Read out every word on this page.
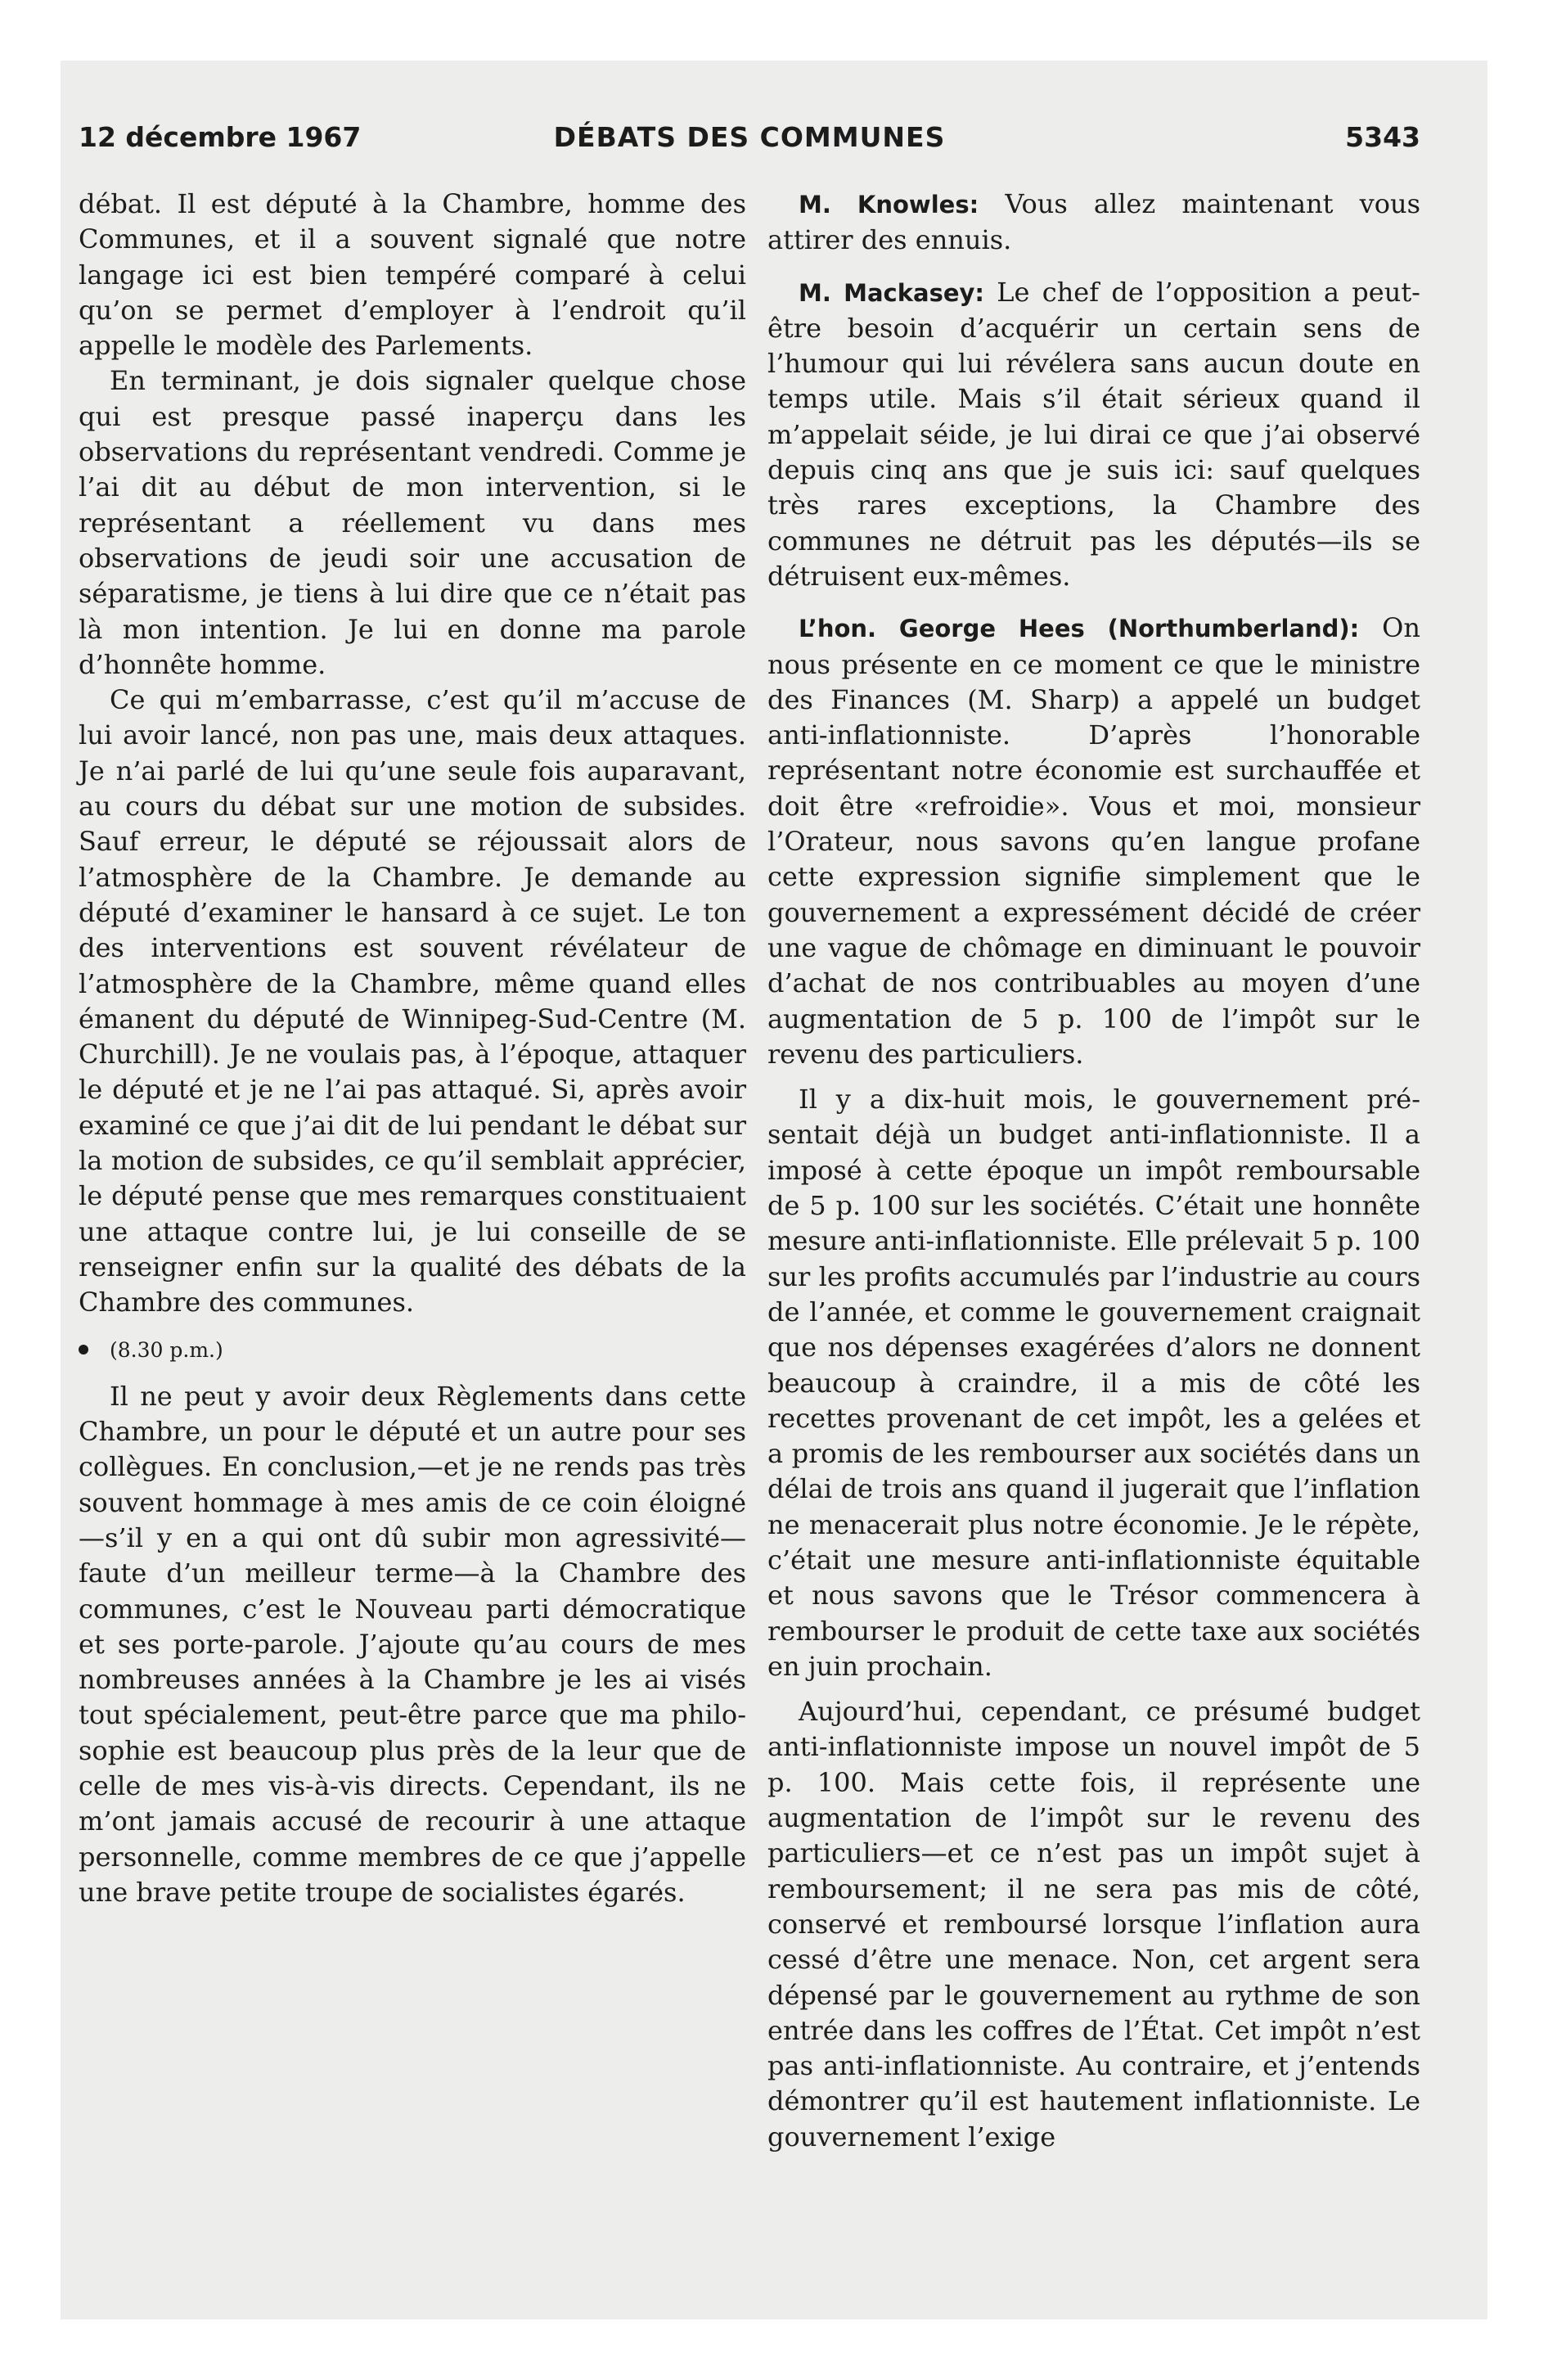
12 décembre 1967	DÉBATS DES COMMUNES	5343

débat. Il est député à la Chambre, homme des Communes, et il a souvent signalé que notre langage ici est bien tempéré comparé à celui qu’on se permet d’employer à l’endroit qu’il appelle le modèle des Parlements.

En terminant, je dois signaler quelque chose qui est presque passé inaperçu dans les observations du représentant vendredi. Comme je l’ai dit au début de mon intervention, si le représentant a réellement vu dans mes observations de jeudi soir une accusation de séparatisme, je tiens à lui dire que ce n’était pas là mon intention. Je lui en donne ma parole d’honnête homme.

Ce qui m’embarrasse, c’est qu’il m’accuse de lui avoir lancé, non pas une, mais deux attaques. Je n’ai parlé de lui qu’une seule fois auparavant, au cours du débat sur une motion de subsides. Sauf erreur, le député se réjoussait alors de l’atmosphère de la Chambre. Je demande au député d’examiner le hansard à ce sujet. Le ton des interventions est souvent révélateur de l’atmosphère de la Chambre, même quand elles émanent du député de Winnipeg-Sud-Centre (M. Churchill). Je ne voulais pas, à l’époque, attaquer le député et je ne l’ai pas attaqué. Si, après avoir examiné ce que j’ai dit de lui pendant le débat sur la motion de subsides, ce qu’il semblait apprécier, le député pense que mes remarques constituaient une attaque contre lui, je lui conseille de se renseigner enfin sur la qualité des débats de la Chambre des communes.

(8.30 p.m.)

Il ne peut y avoir deux Règlements dans cette Chambre, un pour le député et un autre pour ses collègues. En conclusion,—et je ne rends pas très souvent hommage à mes amis de ce coin éloigné—s’il y en a qui ont dû subir mon agressivité—faute d’un meilleur terme—à la Chambre des communes, c’est le Nouveau parti démocratique et ses porte-parole. J’ajoute qu’au cours de mes nombreuses années à la Chambre je les ai visés tout spécialement, peut-être parce que ma philosophie est beaucoup plus près de la leur que de celle de mes vis-à-vis directs. Cependant, ils ne m’ont jamais accusé de recourir à une attaque personnelle, comme membres de ce que j’appelle une brave petite troupe de socialistes égarés.

M. Knowles: Vous allez maintenant vous attirer des ennuis.

M. Mackasey: Le chef de l’opposition a peut-être besoin d’acquérir un certain sens de l’humour qui lui révélera sans aucun doute en temps utile. Mais s’il était sérieux quand il m’appelait séide, je lui dirai ce que j’ai observé depuis cinq ans que je suis ici: sauf quelques très rares exceptions, la Chambre des communes ne détruit pas les députés—ils se détruisent eux-mêmes.

L’hon. George Hees (Northumberland): On nous présente en ce moment ce que le ministre des Finances (M. Sharp) a appelé un budget anti-inflationniste. D’après l’honorable représentant notre économie est surchauffée et doit être «refroidie». Vous et moi, monsieur l’Orateur, nous savons qu’en langue profane cette expression signifie simplement que le gouvernement a expressément décidé de créer une vague de chômage en diminuant le pouvoir d’achat de nos contribuables au moyen d’une augmentation de 5 p. 100 de l’impôt sur le revenu des particuliers.

Il y a dix-huit mois, le gouvernement présentait déjà un budget anti-inflationniste. Il a imposé à cette époque un impôt remboursable de 5 p. 100 sur les sociétés. C’était une honnête mesure anti-inflationniste. Elle prélevait 5 p. 100 sur les profits accumulés par l’industrie au cours de l’année, et comme le gouvernement craignait que nos dépenses exagérées d’alors ne donnent beaucoup à craindre, il a mis de côté les recettes provenant de cet impôt, les a gelées et a promis de les rembourser aux sociétés dans un délai de trois ans quand il jugerait que l’inflation ne menacerait plus notre économie. Je le répète, c’était une mesure anti-inflationniste équitable et nous savons que le Trésor commencera à rembourser le produit de cette taxe aux sociétés en juin prochain.

Aujourd’hui, cependant, ce présumé budget anti-inflationniste impose un nouvel impôt de 5 p. 100. Mais cette fois, il représente une augmentation de l’impôt sur le revenu des particuliers—et ce n’est pas un impôt sujet à remboursement; il ne sera pas mis de côté, conservé et remboursé lorsque l’inflation aura cessé d’être une menace. Non, cet argent sera dépensé par le gouvernement au rythme de son entrée dans les coffres de l’État. Cet impôt n’est pas anti-inflationniste. Au contraire, et j’entends démontrer qu’il est hautement inflationniste. Le gouvernement l’exige
